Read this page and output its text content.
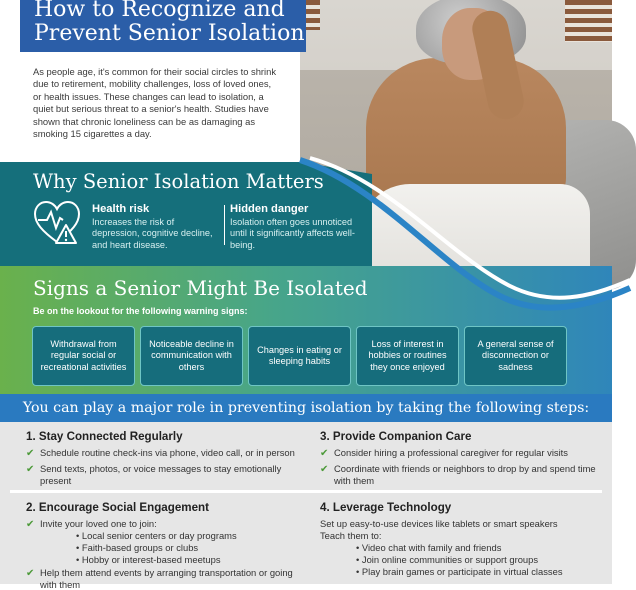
How to Recognize and
Prevent Senior Isolation

As people age, it's common for their social circles to shrink due to retirement, mobility challenges, loss of loved ones, or health issues. These changes can lead to isolation, a quiet but serious threat to a senior's health. Studies have shown that chronic loneliness can be as damaging as smoking 15 cigarettes a day.

Why Senior Isolation Matters
Health risk
Increases the risk of depression, cognitive decline, and heart disease.
Hidden danger
Isolation often goes unnoticed until it significantly affects well-being.
Signs a Senior Might Be Isolated
Be on the lookout for the following warning signs:
Withdrawal from regular social or recreational activities
Noticeable decline in communication with others
Changes in eating or sleeping habits
Loss of interest in hobbies or routines they once enjoyed
A general sense of disconnection or sadness
You can play a major role in preventing isolation by taking the following steps:
1. Stay Connected Regularly
✔ Schedule routine check-ins via phone, video call, or in person
✔ Send texts, photos, or voice messages to stay emotionally present
3. Provide Companion Care
✔ Consider hiring a professional caregiver for regular visits
✔ Coordinate with friends or neighbors to drop by and spend time with them
2. Encourage Social Engagement
✔ Invite your loved one to join:
• Local senior centers or day programs
• Faith-based groups or clubs
• Hobby or interest-based meetups
✔ Help them attend events by arranging transportation or going with them
4. Leverage Technology
Set up easy-to-use devices like tablets or smart speakers
Teach them to:
• Video chat with family and friends
• Join online communities or support groups
• Play brain games or participate in virtual classes
